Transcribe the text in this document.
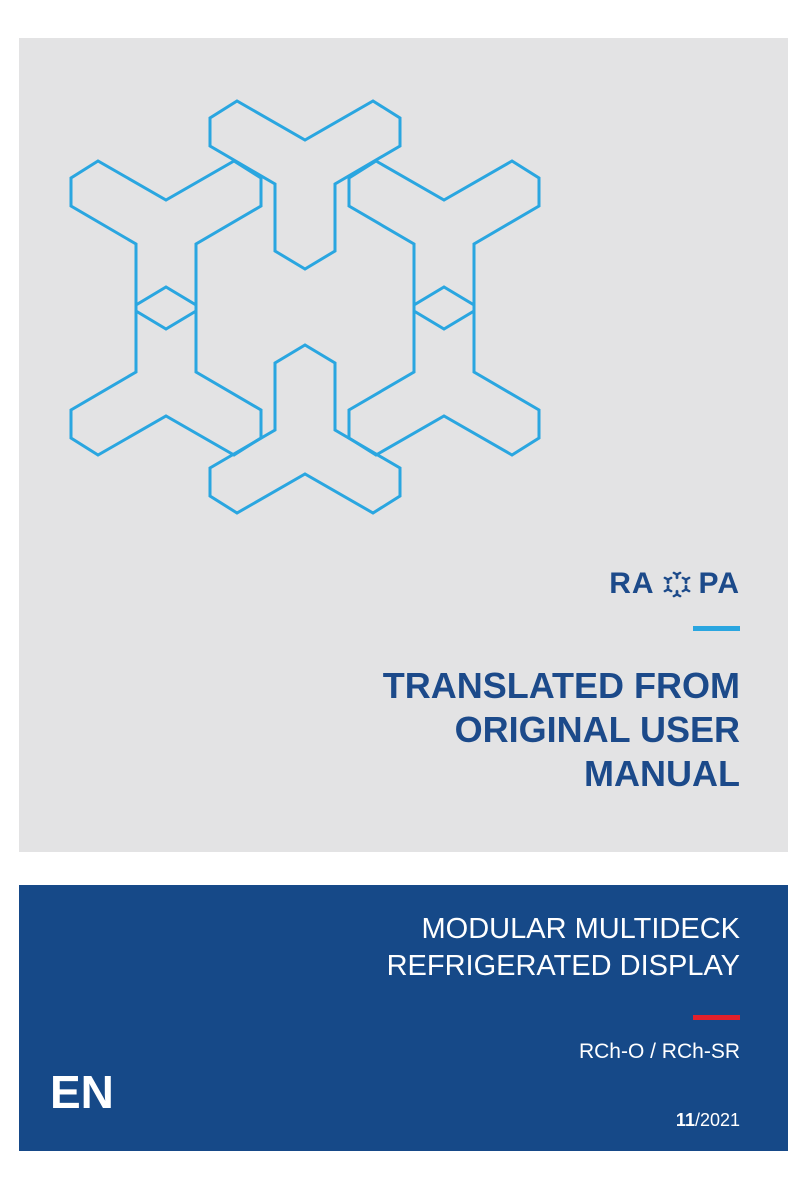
RA PA
TRANSLATED FROM
ORIGINAL USER
MANUAL
MODULAR MULTIDECK
REFRIGERATED DISPLAY
RCh-O / RCh-SR
EN
11/2021
